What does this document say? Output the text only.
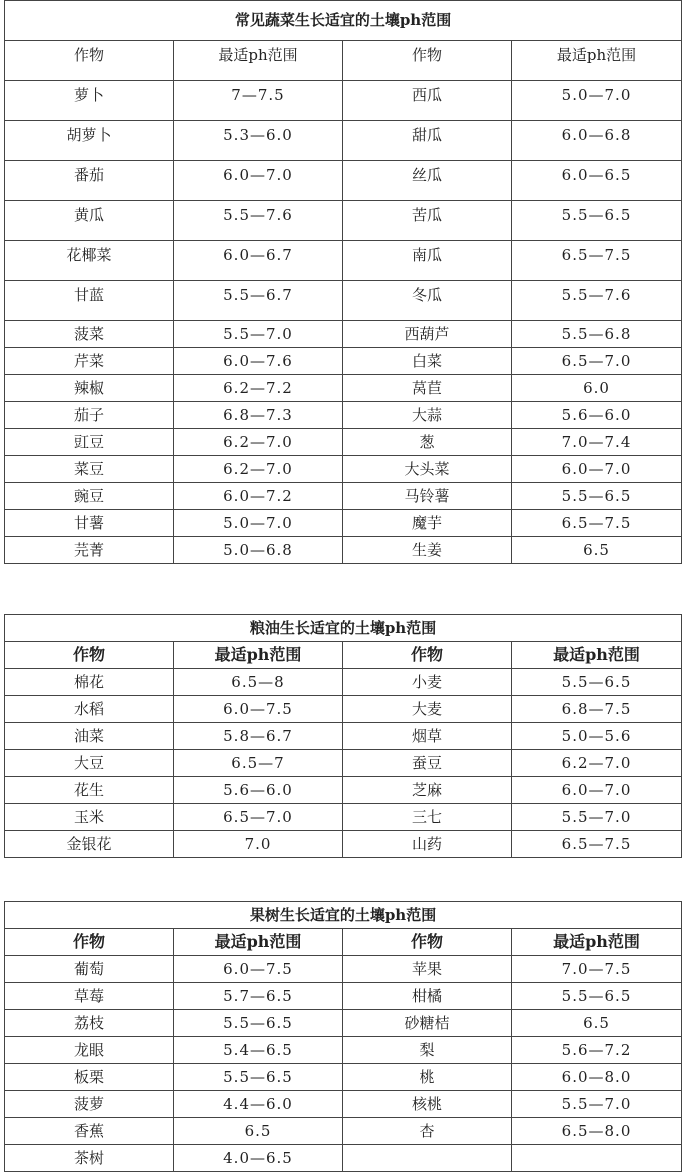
常见蔬菜生长适宜的土壤ph范围			
作物	最适ph范围	作物	最适ph范围
萝卜	7—7.5	西瓜	5.0—7.0
胡萝卜	5.3—6.0	甜瓜	6.0—6.8
番茄	6.0—7.0	丝瓜	6.0—6.5
黄瓜	5.5—7.6	苦瓜	5.5—6.5
花椰菜	6.0—6.7	南瓜	6.5—7.5
甘蓝	5.5—6.7	冬瓜	5.5—7.6
菠菜	5.5—7.0	西葫芦	5.5—6.8
芹菜	6.0—7.6	白菜	6.5—7.0
辣椒	6.2—7.2	莴苣	6.0
茄子	6.8—7.3	大蒜	5.6—6.0
豇豆	6.2—7.0	葱	7.0—7.4
菜豆	6.2—7.0	大头菜	6.0—7.0
豌豆	6.0—7.2	马铃薯	5.5—6.5
甘薯	5.0—7.0	魔芋	6.5—7.5
芫菁	5.0—6.8	生姜	6.5
粮油生长适宜的土壤ph范围			
作物	最适ph范围	作物	最适ph范围
棉花	6.5—8	小麦	5.5—6.5
水稻	6.0—7.5	大麦	6.8—7.5
油菜	5.8—6.7	烟草	5.0—5.6
大豆	6.5—7	蚕豆	6.2—7.0
花生	5.6—6.0	芝麻	6.0—7.0
玉米	6.5—7.0	三七	5.5—7.0
金银花	7.0	山药	6.5—7.5
果树生长适宜的土壤ph范围			
作物	最适ph范围	作物	最适ph范围
葡萄	6.0—7.5	苹果	7.0—7.5
草莓	5.7—6.5	柑橘	5.5—6.5
荔枝	5.5—6.5	砂糖桔	6.5
龙眼	5.4—6.5	梨	5.6—7.2
板栗	5.5—6.5	桃	6.0—8.0
菠萝	4.4—6.0	核桃	5.5—7.0
香蕉	6.5	杏	6.5—8.0
茶树	4.0—6.5		
